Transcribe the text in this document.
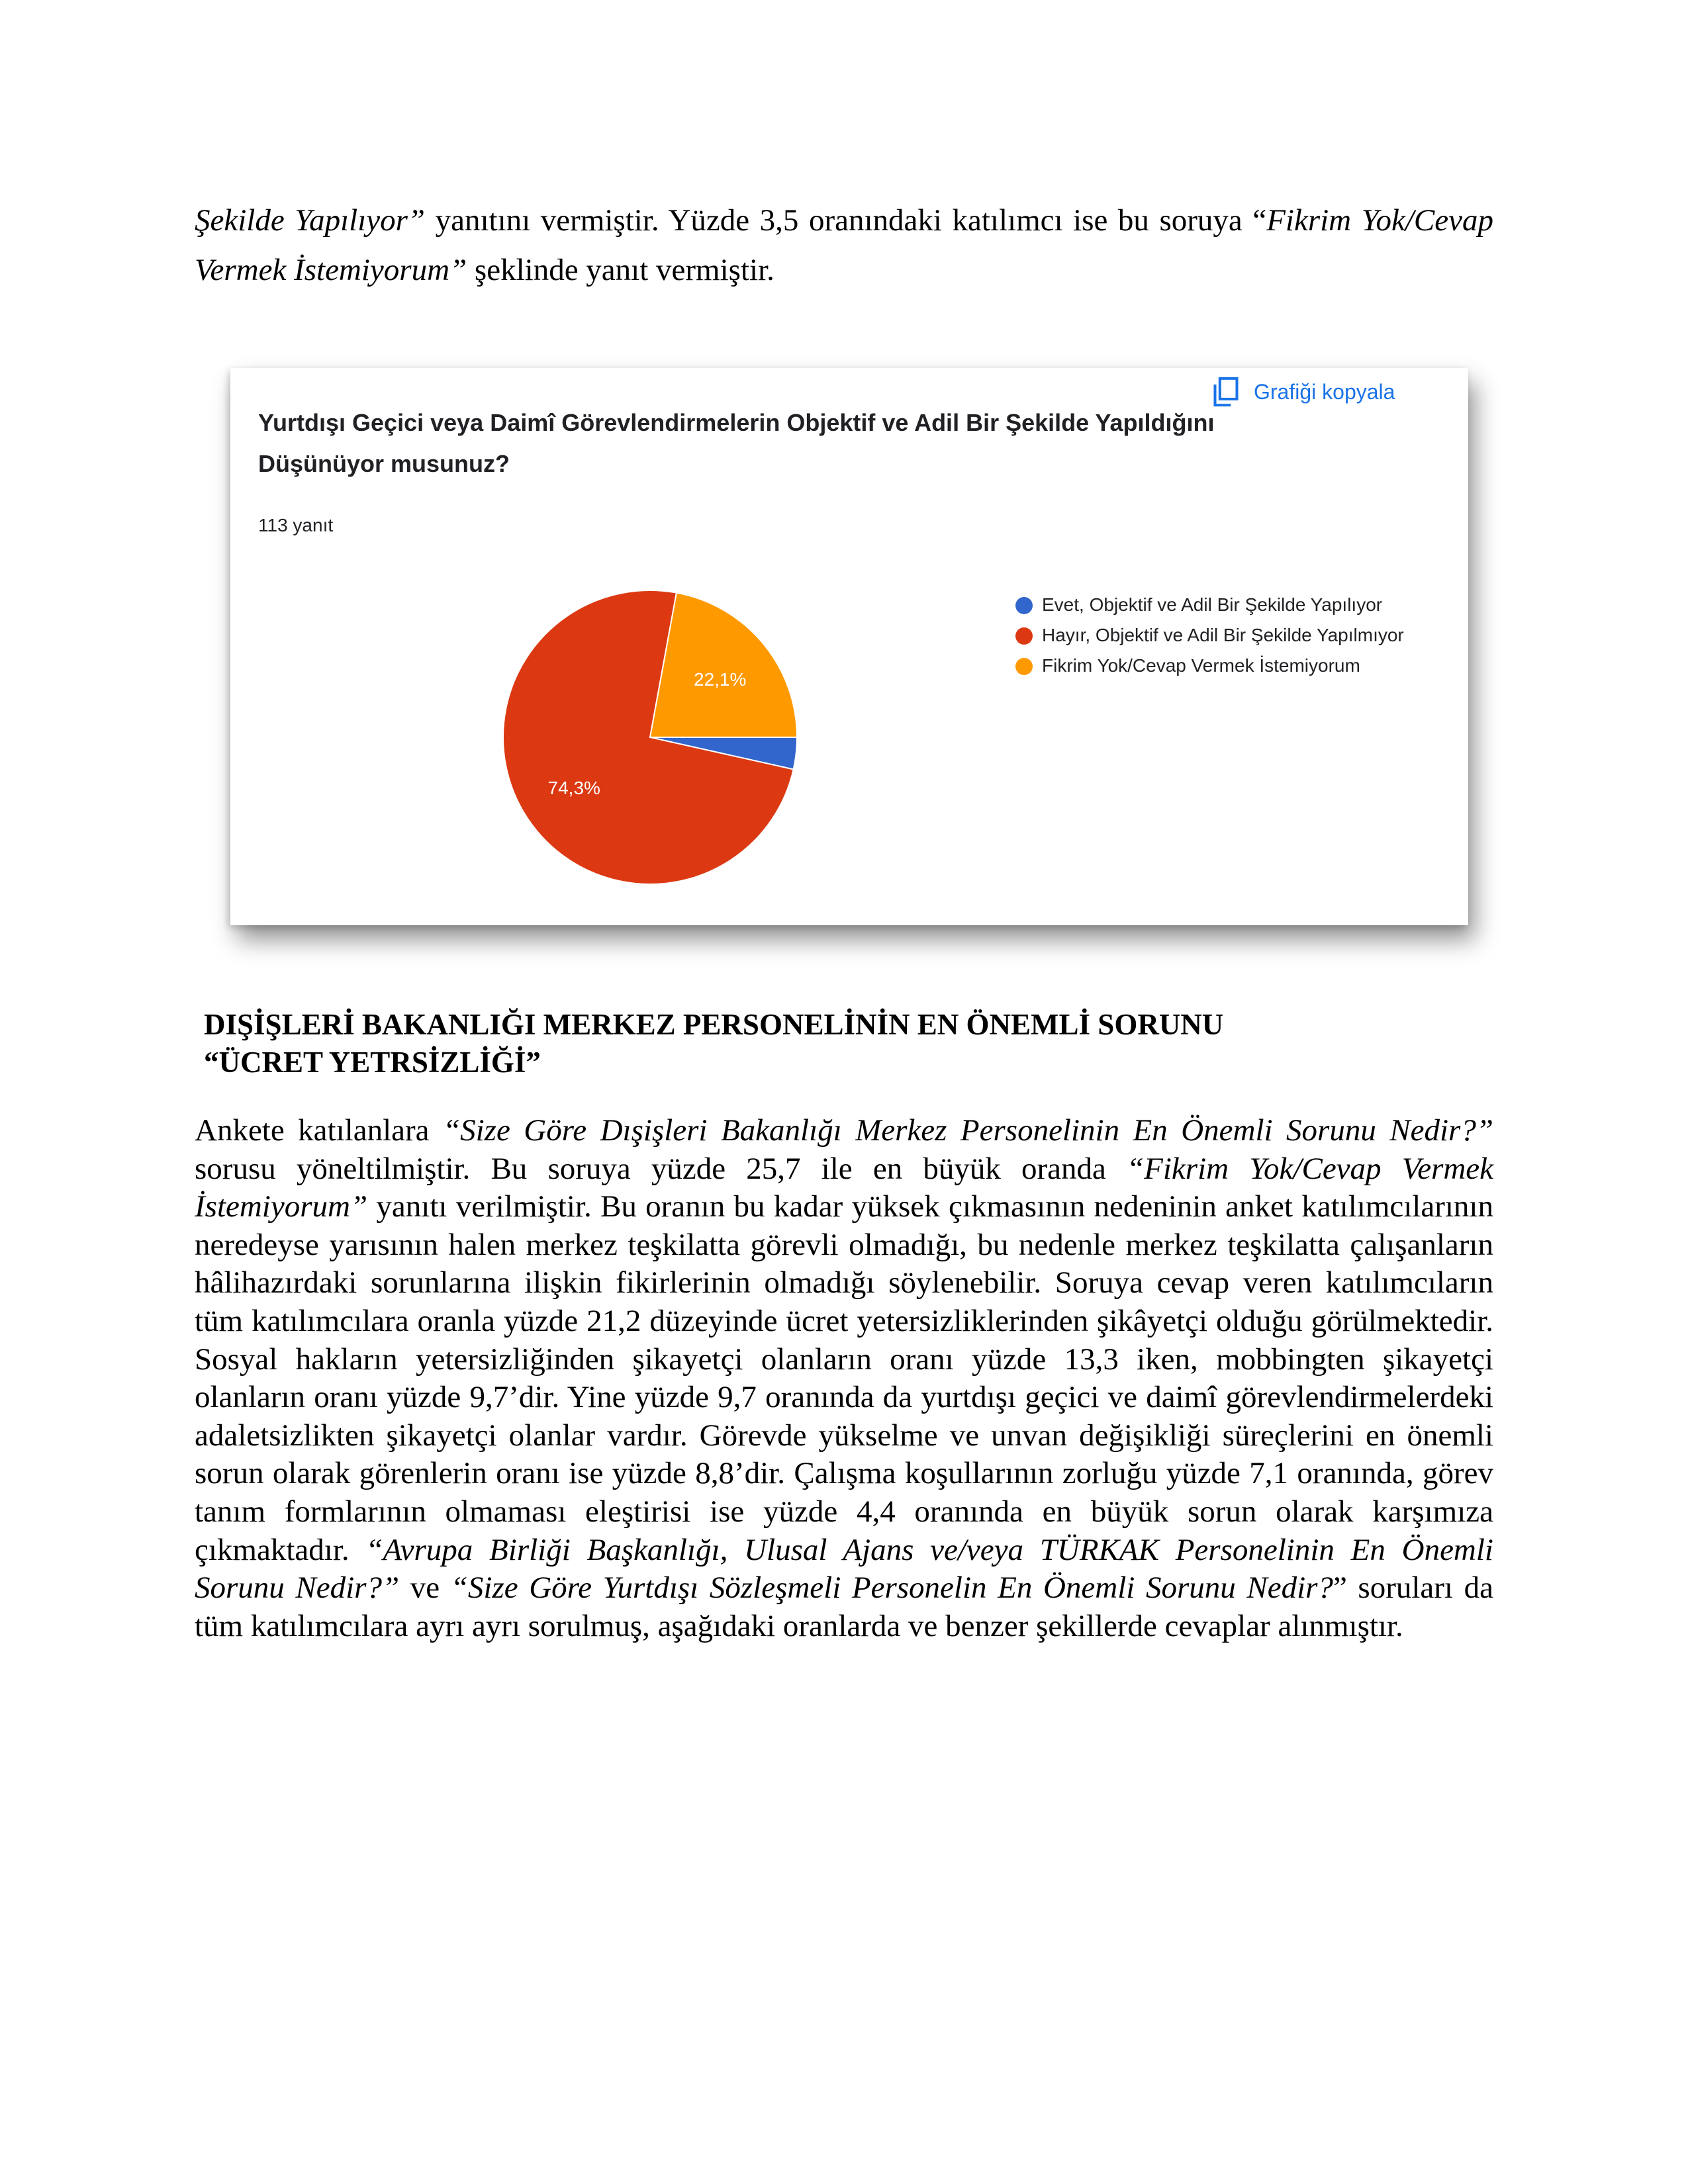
Şekilde Yapılıyor” yanıtını vermiştir. Yüzde 3,5 oranındaki katılımcı ise bu soruya “Fikrim Yok/Cevap Vermek İstemiyorum” şeklinde yanıt vermiştir.

Grafiği kopyala
Yurtdışı Geçici veya Daimî Görevlendirmelerin Objektif ve Adil Bir Şekilde Yapıldığını Düşünüyor musunuz?
113 yanıt
74,3%
22,1%
Evet, Objektif ve Adil Bir Şekilde Yapılıyor
Hayır, Objektif ve Adil Bir Şekilde Yapılmıyor
Fikrim Yok/Cevap Vermek İstemiyorum
DIŞİŞLERİ BAKANLIĞI MERKEZ PERSONELİNİN EN ÖNEMLİ SORUNU
“ÜCRET YETRSİZLİĞİ”

Ankete katılanlara “Size Göre Dışişleri Bakanlığı Merkez Personelinin En Önemli Sorunu Nedir?” sorusu yöneltilmiştir. Bu soruya yüzde 25,7 ile en büyük oranda “Fikrim Yok/Cevap Vermek İstemiyorum” yanıtı verilmiştir. Bu oranın bu kadar yüksek çıkmasının nedeninin anket katılımcılarının neredeyse yarısının halen merkez teşkilatta görevli olmadığı, bu nedenle merkez teşkilatta çalışanların hâlihazırdaki sorunlarına ilişkin fikirlerinin olmadığı söylenebilir. Soruya cevap veren katılımcıların tüm katılımcılara oranla yüzde 21,2 düzeyinde ücret yetersizliklerinden şikâyetçi olduğu görülmektedir. Sosyal hakların yetersizliğinden şikayetçi olanların oranı yüzde 13,3 iken, mobbingten şikayetçi olanların oranı yüzde 9,7’dir. Yine yüzde 9,7 oranında da yurtdışı geçici ve daimî görevlendirmelerdeki adaletsizlikten şikayetçi olanlar vardır. Görevde yükselme ve unvan değişikliği süreçlerini en önemli sorun olarak görenlerin oranı ise yüzde 8,8’dir. Çalışma koşullarının zorluğu yüzde 7,1 oranında, görev tanım formlarının olmaması eleştirisi ise yüzde 4,4 oranında en büyük sorun olarak karşımıza çıkmaktadır. “Avrupa Birliği Başkanlığı, Ulusal Ajans ve/veya TÜRKAK Personelinin En Önemli Sorunu Nedir?” ve “Size Göre Yurtdışı Sözleşmeli Personelin En Önemli Sorunu Nedir?” soruları da tüm katılımcılara ayrı ayrı sorulmuş, aşağıdaki oranlarda ve benzer şekillerde cevaplar alınmıştır.
